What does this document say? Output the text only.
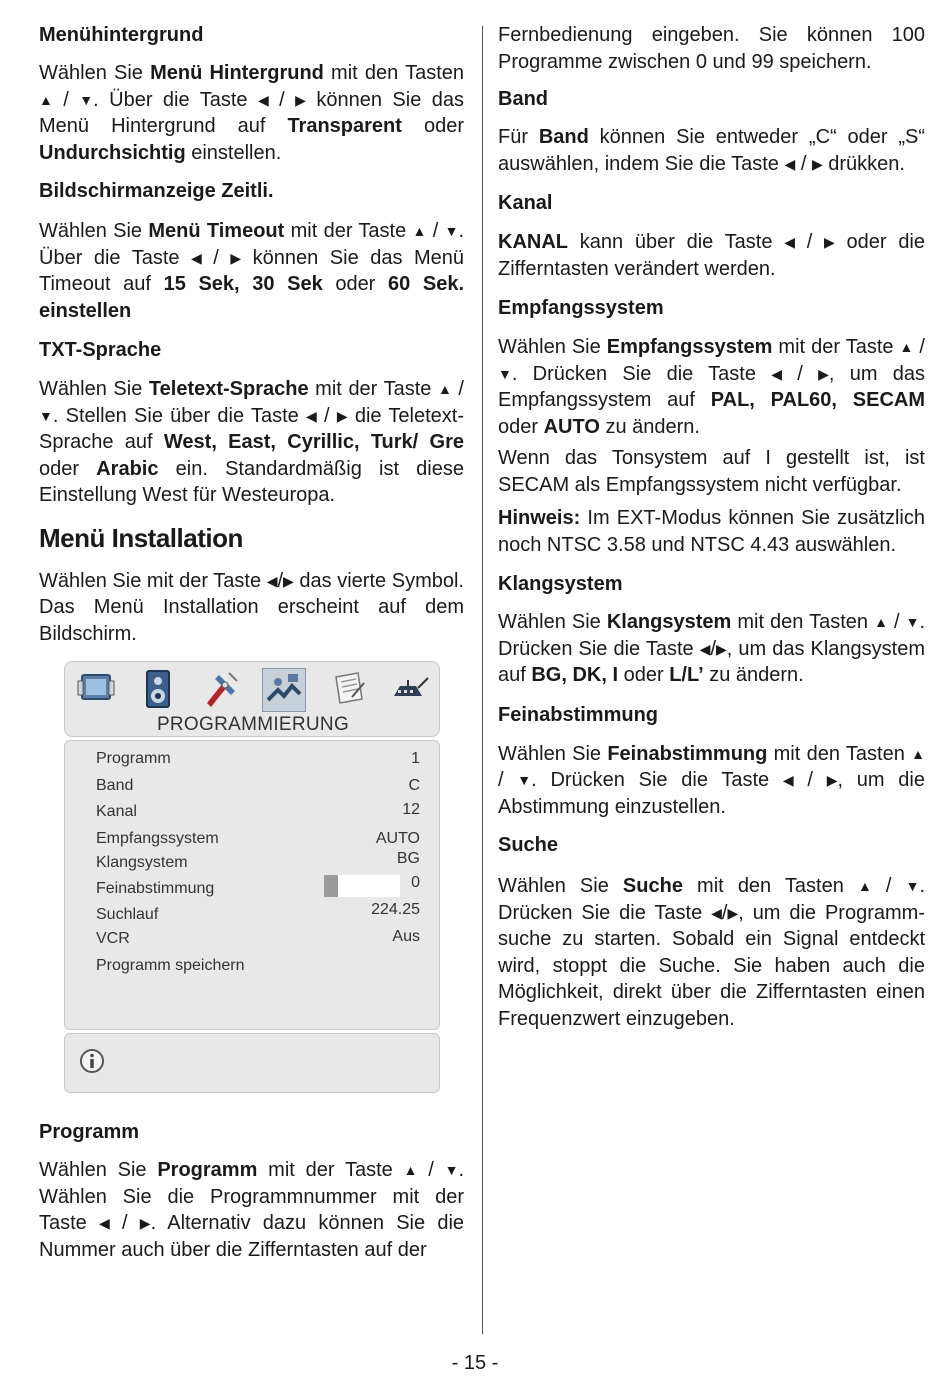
Menühintergrund

Wählen Sie Menü Hintergrund mit den Tasten ▲ / ▼. Über die Taste ◀ / ▶ können Sie das Menü Hintergrund auf Transparent oder Undurchsichtig einstellen.

Bildschirmanzeige Zeitli.

Wählen Sie Menü Timeout mit der Taste ▲ / ▼. Über die Taste ◀ / ▶ können Sie das Menü Timeout auf 15 Sek, 30 Sek oder 60 Sek. einstellen

TXT-Sprache

Wählen Sie Teletext-Sprache mit der Taste ▲ / ▼. Stellen Sie über die Taste ◀ / ▶ die Teletext-Sprache auf West, East, Cyrillic, Turk/ Gre oder Arabic ein. Standardmäßig ist diese Einstellung West für Westeuropa.

Menü Installation

Wählen Sie mit der Taste ◀/▶ das vierte Symbol. Das Menü Installation erscheint auf dem Bildschirm.

PROGRAMMIERUNG
Programm	1
Band	C
Kanal	12
Empfangssystem	AUTO
Klangsystem	BG
Feinabstimmung	0
Suchlauf	224.25
VCR	Aus
Programm speichern
Programm

Wählen Sie Programm mit der Taste ▲ / ▼. Wählen Sie die Programmnummer mit der Taste ◀ / ▶. Alternativ dazu können Sie die Nummer auch über die Zifferntasten auf der

Fernbedienung eingeben. Sie können 100 Programme zwischen 0 und 99 speichern.

Band

Für Band können Sie entweder „C“ oder „S“ auswählen, indem Sie die Taste ◀ / ▶ drükken.

Kanal

KANAL kann über die Taste ◀ / ▶ oder die Zifferntasten verändert werden.

Empfangssystem

Wählen Sie Empfangssystem mit der Taste ▲ / ▼. Drücken Sie die Taste ◀ / ▶, um das Empfangssystem auf PAL, PAL60, SECAM oder AUTO zu ändern.

Wenn das Tonsystem auf I gestellt ist, ist SECAM als Empfangssystem nicht verfügbar.

Hinweis: Im EXT-Modus können Sie zusätzlich noch NTSC 3.58 und NTSC 4.43 auswählen.

Klangsystem

Wählen Sie Klangsystem mit den Tasten ▲ / ▼. Drücken Sie die Taste ◀/▶, um das Klangsystem auf BG, DK, I oder L/L’ zu ändern.

Feinabstimmung

Wählen Sie Feinabstimmung mit den Tasten ▲ / ▼. Drücken Sie die Taste ◀ / ▶, um die Abstimmung einzustellen.

Suche

Wählen Sie Suche mit den Tasten ▲ / ▼. Drücken Sie die Taste ◀/▶, um die Programmsuche zu starten. Sobald ein Signal entdeckt wird, stoppt die Suche. Sie haben auch die Möglichkeit, direkt über die Zifferntasten einen Frequenzwert einzugeben.

- 15 -
